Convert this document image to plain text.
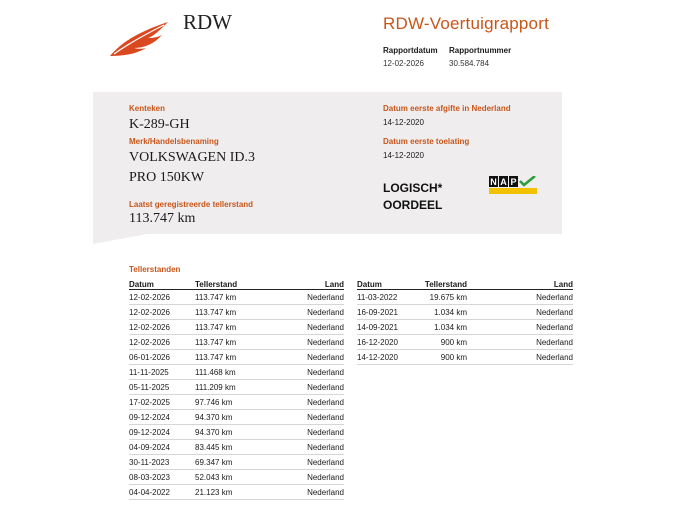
RDW	RDW-Voertuigrapport
Rapportdatum
12-02-2026
Rapportnummer
30.584.784
Kenteken
K-289-GH
Merk/Handelsbenaming
VOLKSWAGEN ID.3
PRO 150KW
Laatst geregistreerde tellerstand
113.747 km
Datum eerste afgifte in Nederland
14-12-2020
Datum eerste toelating
14-12-2020
LOGISCH*
OORDEEL
N A P
Tellerstanden
Datum	Tellerstand	Land
12-02-2026	113.747 km	Nederland
12-02-2026	113.747 km	Nederland
12-02-2026	113.747 km	Nederland
12-02-2026	113.747 km	Nederland
06-01-2026	113.747 km	Nederland
11-11-2025	111.468 km	Nederland
05-11-2025	111.209 km	Nederland
17-02-2025	97.746 km	Nederland
09-12-2024	94.370 km	Nederland
09-12-2024	94.370 km	Nederland
04-09-2024	83.445 km	Nederland
30-11-2023	69.347 km	Nederland
08-03-2023	52.043 km	Nederland
04-04-2022	21.123 km	Nederland
Datum	Tellerstand	Land
11-03-2022	19.675 km	Nederland
16-09-2021	1.034 km	Nederland
14-09-2021	1.034 km	Nederland
16-12-2020	900 km	Nederland
14-12-2020	900 km	Nederland
